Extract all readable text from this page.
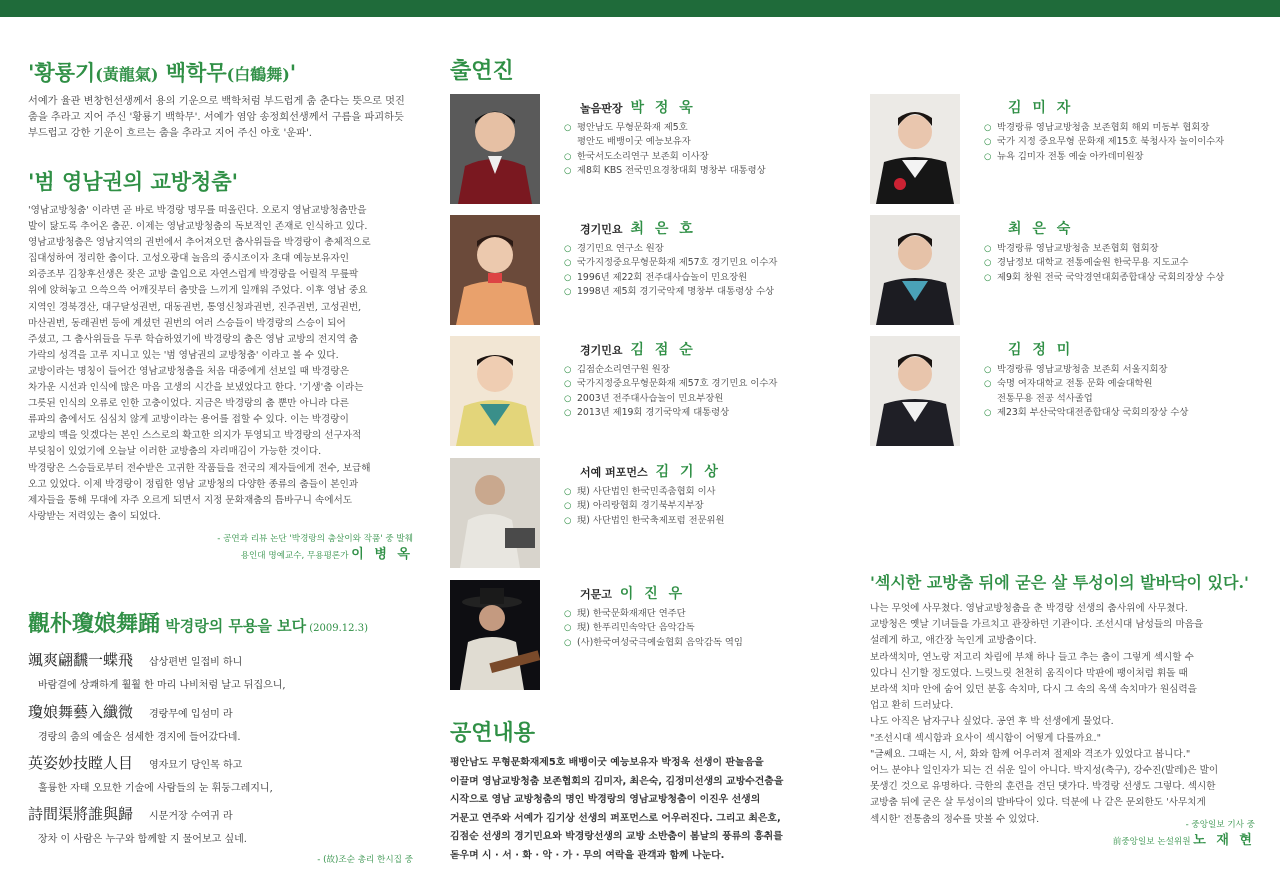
'황룡기(黃龍氣) 백학무(白鶴舞)'

서예가 율관 변창헌선생께서 용의 기운으로 백학처럼 부드럽게 춤 춘다는 뜻으로 멋진 춤을 추라고 지어 주신 '황룡기 백학무'. 서예가 염암 송정희선생께서 구름을 파괴하듯 부드럽고 강한 기운이 흐르는 춤을 추라고 지어 주신 아호 '운파'.

'범 영남권의 교방청춤'

'영남교방청춤' 이라면 곧 바로 박경랑 명무를 떠올린다. 오로지 영남교방청춤만을
발이 닳도록 추어온 춤꾼. 이제는 영남교방청춤의 독보적인 존재로 인식하고 있다.
영남교방청춤은 영남지역의 권번에서 추어져오던 춤사위들을 박경랑이 총체적으로
집대성하여 정리한 춤이다. 고성오광대 놀음의 중시조이자 초대 예능보유자인
외증조부 김창후선생은 잦은 교방 출입으로 자연스럽게 박경랑을 어릴적 무릎팍
위에 앉혀놓고 으쓱으쓱 어깨짓부터 춤맛을 느끼게 일깨워 주었다. 이후 영남 중요
지역인 경북경산, 대구달성권번, 대동권번, 통영신청과권번, 진주권번, 고성권번,
마산권번, 동래권번 등에 계셨던 권번의 여러 스승들이 박경랑의 스승이 되어
주셨고, 그 춤사위들을 두루 학습하였기에 박경랑의 춤은 영남 교방의 전지역 춤
가락의 성격을 고루 지니고 있는 '범 영남권의 교방청춤' 이라고 볼 수 있다.
교방이라는 명칭이 들어간 영남교방청춤을 처음 대중에게 선보일 때 박경랑은
차가운 시선과 인식에 많은 마음 고생의 시간을 보냈었다고 한다. '기생'춤 이라는
그릇된 인식의 오류로 인한 고충이었다. 지금은 박경랑의 춤 뿐만 아니라 다른
류파의 춤에서도 심심치 않게 교방이라는 용어를 접할 수 있다. 이는 박경랑이
교방의 맥을 잇겠다는 본인 스스로의 확고한 의지가 투영되고 박경랑의 선구자적
부딪침이 있었기에 오늘날 이러한 교방춤의 자리매김이 가능한 것이다.
박경랑은 스승들로부터 전수받은 고귀한 작품들을 전국의 제자들에게 전수, 보급해
오고 있었다. 이제 박경랑이 정립한 영남 교방청의 다양한 종류의 춤들이 본인과
제자들을 통해 무대에 자주 오르게 되면서 지정 문화재춤의 틈바구니 속에서도
사랑받는 저력있는 춤이 되었다.

- 공연과 리뷰 논단 '박경랑의 춤살이와 작품' 중 발췌
용인대 명예교수, 무용평론가 이 병 옥
觀朴瓊娘舞踊 박경랑의 무용을 보다 (2009.12.3)
颯爽翩飜一蝶飛 삽상편번 일접비 하니
바람결에 상쾌하게 훨훨 한 마리 나비처럼 날고 뒤집으니,
瓊娘舞藝入纖微 경랑무예 입섬미 라
경랑의 춤의 예술은 섬세한 경지에 들어갔다네.
英姿妙技瞠人目 영자묘기 당인목 하고
훌륭한 자태 오묘한 기술에 사람들의 눈 휘둥그레지니,
詩間渠將誰與歸 시문거장 수여귀 라
장차 이 사람은 누구와 함께할 지 물어보고 싶네.
- (故)조순 총리 한시집 중
출연진
놀음판장 박 정 욱
○ 평안남도 무형문화재 제5호
평안도 배뱅이굿 예능보유자
○ 한국서도소리연구 보존회 이사장
○ 제8회 KBS 전국민요경창대회 명창부 대통령상
경기민요 최 은 호
○ 경기민요 연구소 원장
○ 국가지정중요무형문화재 제57호 경기민요 이수자
○ 1996년 제22회 전주대사습놀이 민요장원
○ 1998년 제5회 경기국악제 명창부 대통령상 수상
경기민요 김 점 순
○ 김점순소리연구원 원장
○ 국가지정중요무형문화재 제57호 경기민요 이수자
○ 2003년 전주대사습놀이 민요부장원
○ 2013년 제19회 경기국악제 대통령상
서예 퍼포먼스 김 기 상
○ 現) 사단법인 한국민족춤협회 이사
○ 現) 아리랑협회 경기북부지부장
○ 現) 사단법인 한국축제포럼 전문위원
거문고 이 진 우
○ 現) 한국문화재재단 연주단
○ 現) 한푸리민속악단 음악감독
○ (사)한국여성국극예술협회 음악감독 역임
공연내용

평안남도 무형문화재제5호 배뱅이굿 예능보유자 박정욱 선생이 판놀음을
이끌며 영남교방청춤 보존협회의 김미자, 최은숙, 김정미선생의 교방수건춤을
시작으로 영남 교방청춤의 명인 박경랑의 영남교방청춤이 이진우 선생의
거문고 연주와 서예가 김기상 선생의 퍼포먼스로 어우러진다. 그리고 최은호,
김점순 선생의 경기민요와 박경랑선생의 교방 소반춤이 봄날의 풍류의 흥취를
돋우며 시 · 서 · 화 · 악 · 가 · 무의 여락을 관객과 함께 나눈다.

김 미 자
○ 박경랑류 영남교방청춤 보존협회 해외 미동부 협회장
○ 국가 지정 중요무형 문화재 제15호 북청사자 놀이이수자
○ 뉴욕 김미자 전통 예술 아카데미원장
최 은 숙
○ 박경랑류 영남교방청춤 보존협회 협회장
○ 경남정보 대학교 전통예술원 한국무용 지도교수
○ 제9회 창원 전국 국악경연대회종합대상 국회의장상 수상
김 정 미
○ 박경랑류 영남교방청춤 보존회 서울지회장
○ 숙명 여자대학교 전통 문화 예술대학원
전통무용 전공 석사졸업
○ 제23회 부산국악대전종합대상 국회의장상 수상
'섹시한 교방춤 뒤에 굳은 살 투성이의 발바닥이 있다.'

나는 무엇에 사무쳤다. 영남교방청춤을 춘 박경랑 선생의 춤사위에 사무쳤다.
교방청은 옛날 기녀들을 가르치고 관장하던 기관이다. 조선시대 남성들의 마음을
설레게 하고, 애간장 녹인게 교방춤이다.
보라색치마, 연노랑 저고리 차림에 부채 하나 들고 추는 춤이 그렇게 섹시할 수
있다니 신기할 정도였다. 느릿느릿 천천히 움직이다 막판에 팽이처럼 휘돌 때
보라색 치마 안에 숨어 있던 분홍 속치마, 다시 그 속의 옥색 속치마가 원심력을
업고 환히 드러났다.
나도 아직은 남자구나 싶었다. 공연 후 박 선생에게 물었다.
"조선시대 섹시함과 요사이 섹시함이 어떻게 다를까요."
"글쎄요. 그때는 시, 서, 화와 함께 어우러져 절제와 격조가 있었다고 봅니다."
어느 분야나 일인자가 되는 건 쉬운 일이 아니다. 박지성(축구), 강수진(발레)은 발이
못생긴 것으로 유명하다. 극한의 훈련을 견딘 댓가다. 박경랑 선생도 그렇다. 섹시한
교방춤 뒤에 굳은 살 투성이의 발바닥이 있다. 덕분에 나 같은 문외한도 '사무치게
섹시한' 전통춤의 정수를 맛볼 수 있었다.

- 중앙일보 기사 중
前중앙일보 논설위원 노 재 현
